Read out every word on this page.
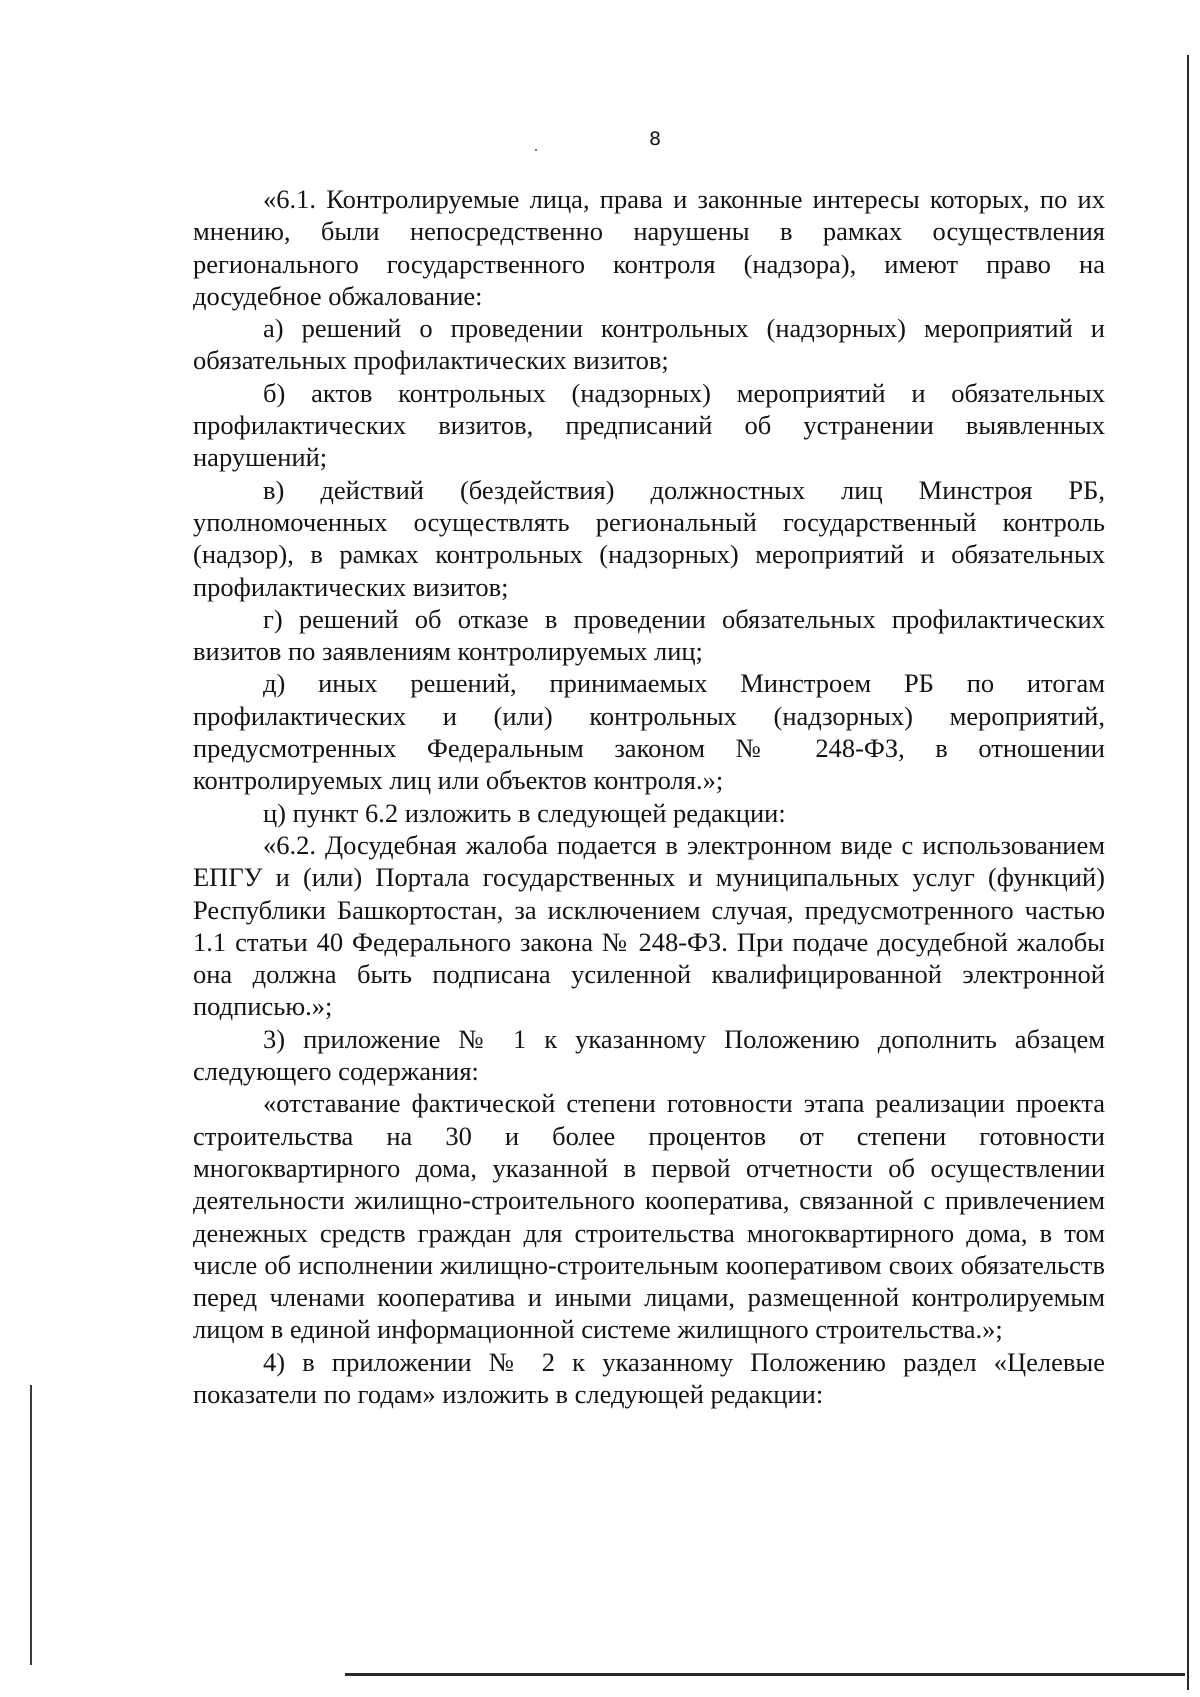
8

«6.1. Контролируемые лица, права и законные интересы которых, по их мнению, были непосредственно нарушены в рамках осуществления регионального государственного контроля (надзора), имеют право на досудебное обжалование:

а) решений о проведении контрольных (надзорных) мероприятий и обязательных профилактических визитов;

б) актов контрольных (надзорных) мероприятий и обязательных профилактических визитов, предписаний об устранении выявленных нарушений;

в) действий (бездействия) должностных лиц Минстроя РБ, уполномоченных осуществлять региональный государственный контроль (надзор), в рамках контрольных (надзорных) мероприятий и обязательных профилактических визитов;

г) решений об отказе в проведении обязательных профилактических визитов по заявлениям контролируемых лиц;

д) иных решений, принимаемых Минстроем РБ по итогам профилактических и (или) контрольных (надзорных) мероприятий, предусмотренных Федеральным законом № 248-ФЗ, в отношении контролируемых лиц или объектов контроля.»;

ц) пункт 6.2 изложить в следующей редакции:

«6.2. Досудебная жалоба подается в электронном виде с использованием ЕПГУ и (или) Портала государственных и муниципальных услуг (функций) Республики Башкортостан, за исключением случая, предусмотренного частью 1.1 статьи 40 Федерального закона № 248-ФЗ. При подаче досудебной жалобы она должна быть подписана усиленной квалифицированной электронной подписью.»;

3) приложение № 1 к указанному Положению дополнить абзацем следующего содержания:

«отставание фактической степени готовности этапа реализации проекта строительства на 30 и более процентов от степени готовности многоквартирного дома, указанной в первой отчетности об осуществлении деятельности жилищно-строительного кооператива, связанной с привлечением денежных средств граждан для строительства многоквартирного дома, в том числе об исполнении жилищно-строительным кооперативом своих обязательств перед членами кооператива и иными лицами, размещенной контролируемым лицом в единой информационной системе жилищного строительства.»;

4) в приложении № 2 к указанному Положению раздел «Целевые показатели по годам» изложить в следующей редакции:
